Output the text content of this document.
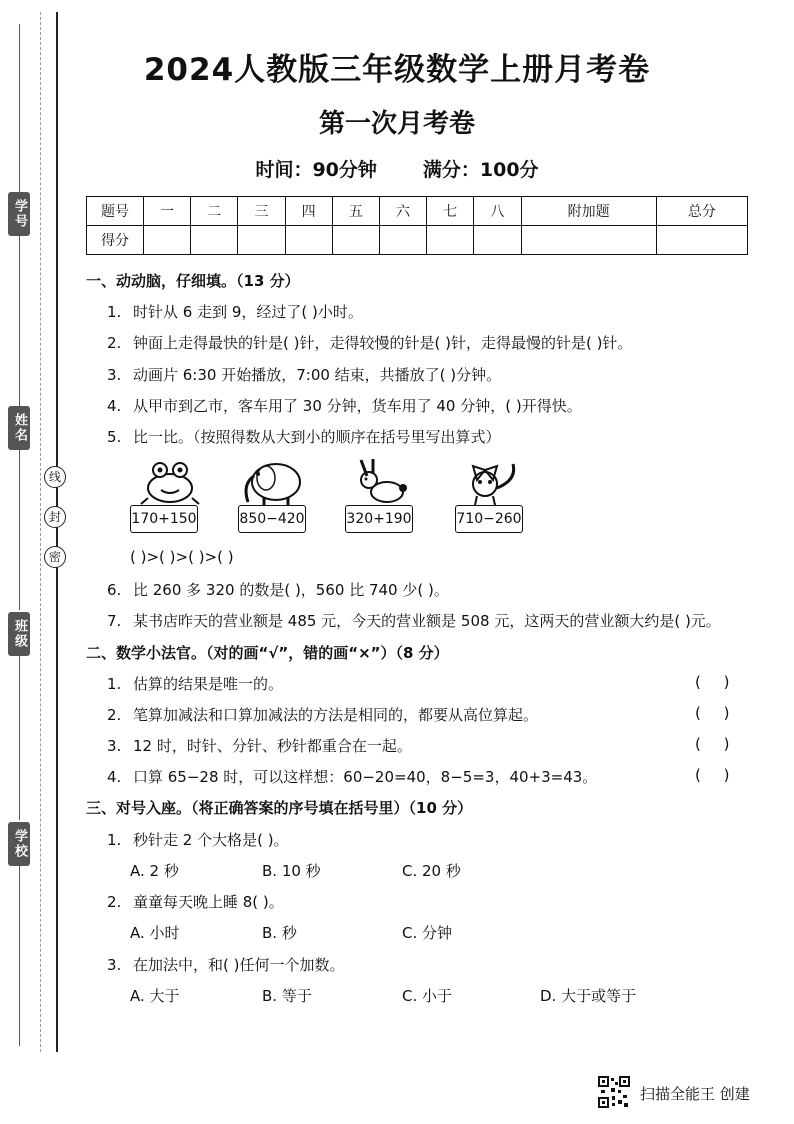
学号
姓名
班级
学校
密
封
线
2024人教版三年级数学上册月考卷
第一次月考卷
时间：90分钟 满分：100分
题号	一	二	三	四	五	六	七	八	附加题	总分
得分										
一、动动脑，仔细填。（13 分）
1. 时针从 6 走到 9，经过了( )小时。
2. 钟面上走得最快的针是( )针，走得较慢的针是( )针，走得最慢的针是( )针。
3. 动画片 6:30 开始播放，7:00 结束，共播放了( )分钟。
4. 从甲市到乙市，客车用了 30 分钟，货车用了 40 分钟，( )开得快。
5. 比一比。（按照得数从大到小的顺序在括号里写出算式）
170+150	850−420	320+190	710−260
( )>( )>( )>( )
6. 比 260 多 320 的数是( )，560 比 740 少( )。
7. 某书店昨天的营业额是 485 元，今天的营业额是 508 元，这两天的营业额大约是( )元。
二、数学小法官。（对的画“√”，错的画“×”）（8 分）
1. 估算的结果是唯一的。	( )
2. 笔算加减法和口算加减法的方法是相同的，都要从高位算起。	( )
3. 12 时，时针、分针、秒针都重合在一起。	( )
4. 口算 65−28 时，可以这样想：60−20=40，8−5=3，40+3=43。	( )
三、对号入座。（将正确答案的序号填在括号里）（10 分）
1. 秒针走 2 个大格是( )。
A. 2 秒	B. 10 秒	C. 20 秒
2. 童童每天晚上睡 8( )。
A. 小时	B. 秒	C. 分钟
3. 在加法中，和( )任何一个加数。
A. 大于	B. 等于	C. 小于	D. 大于或等于
扫描全能王 创建
